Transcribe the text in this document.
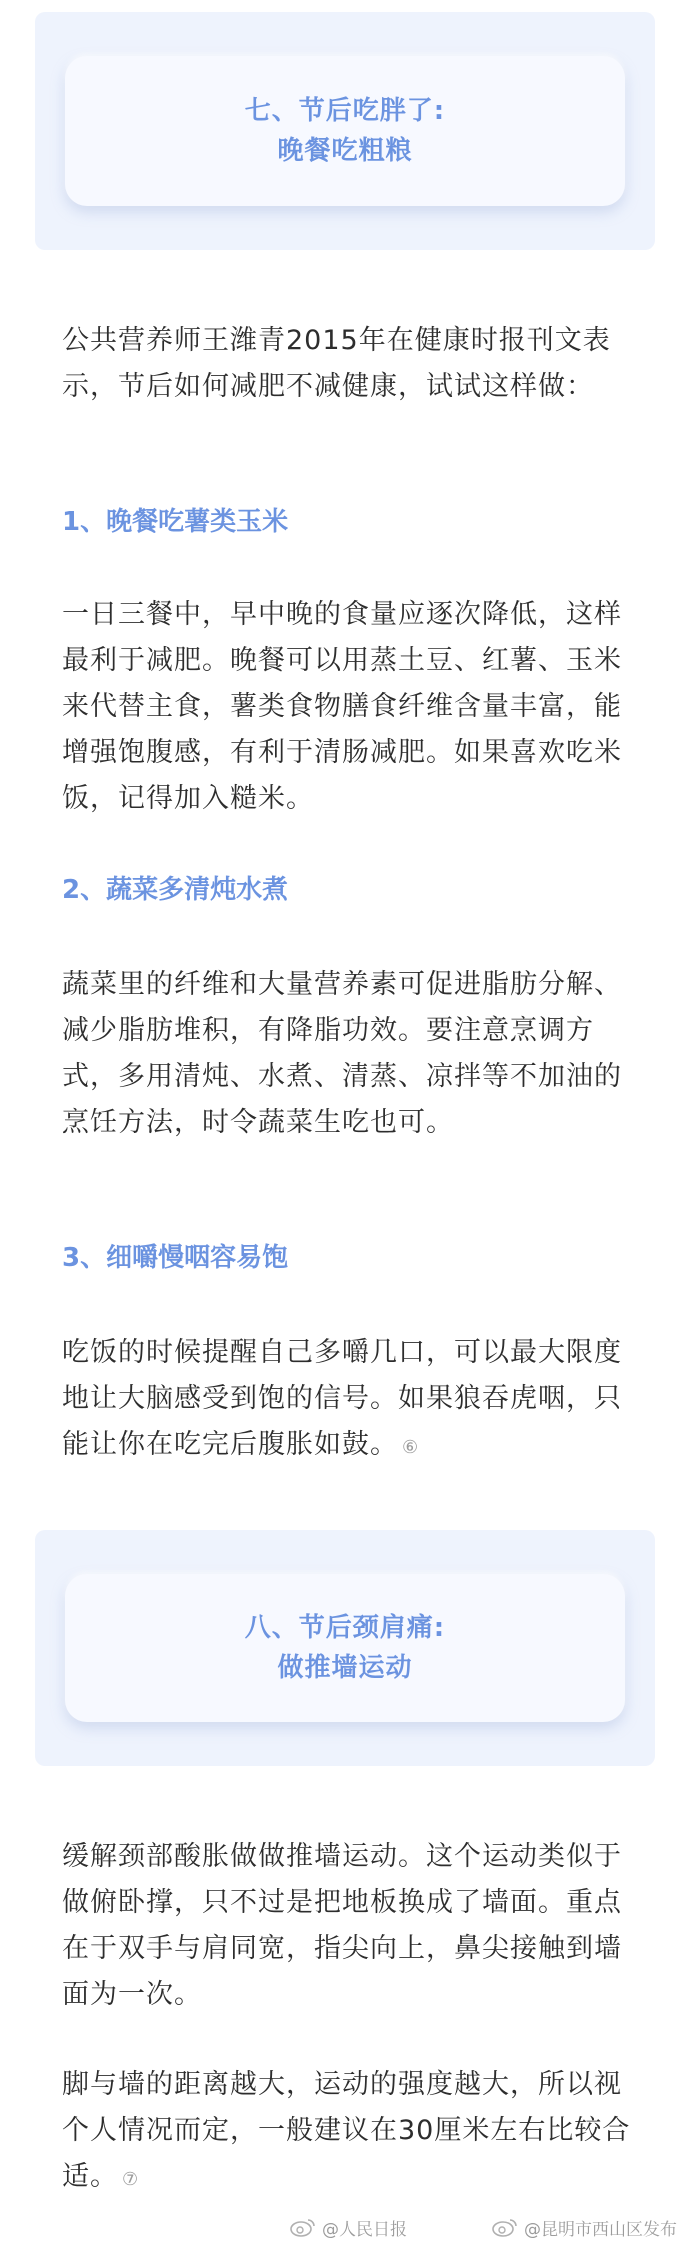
七、节后吃胖了:
晚餐吃粗粮

公共营养师王潍青2015年在健康时报刊文表示，节后如何减肥不减健康，试试这样做：

1、晚餐吃薯类玉米

一日三餐中，早中晚的食量应逐次降低，这样最利于减肥。晚餐可以用蒸土豆、红薯、玉米来代替主食，薯类食物膳食纤维含量丰富，能增强饱腹感，有利于清肠减肥。如果喜欢吃米饭，记得加入糙米。

2、蔬菜多清炖水煮

蔬菜里的纤维和大量营养素可促进脂肪分解、减少脂肪堆积，有降脂功效。要注意烹调方式，多用清炖、水煮、清蒸、凉拌等不加油的烹饪方法，时令蔬菜生吃也可。

3、细嚼慢咽容易饱

吃饭的时候提醒自己多嚼几口，可以最大限度地让大脑感受到饱的信号。如果狼吞虎咽，只能让你在吃完后腹胀如鼓。 ⑥

八、节后颈肩痛:
做推墙运动

缓解颈部酸胀做做推墙运动。这个运动类似于做俯卧撑，只不过是把地板换成了墙面。重点在于双手与肩同宽，指尖向上，鼻尖接触到墙面为一次。

脚与墙的距离越大，运动的强度越大，所以视个人情况而定，一般建议在30厘米左右比较合适。 ⑦

@人民日报	@昆明市西山区发布
